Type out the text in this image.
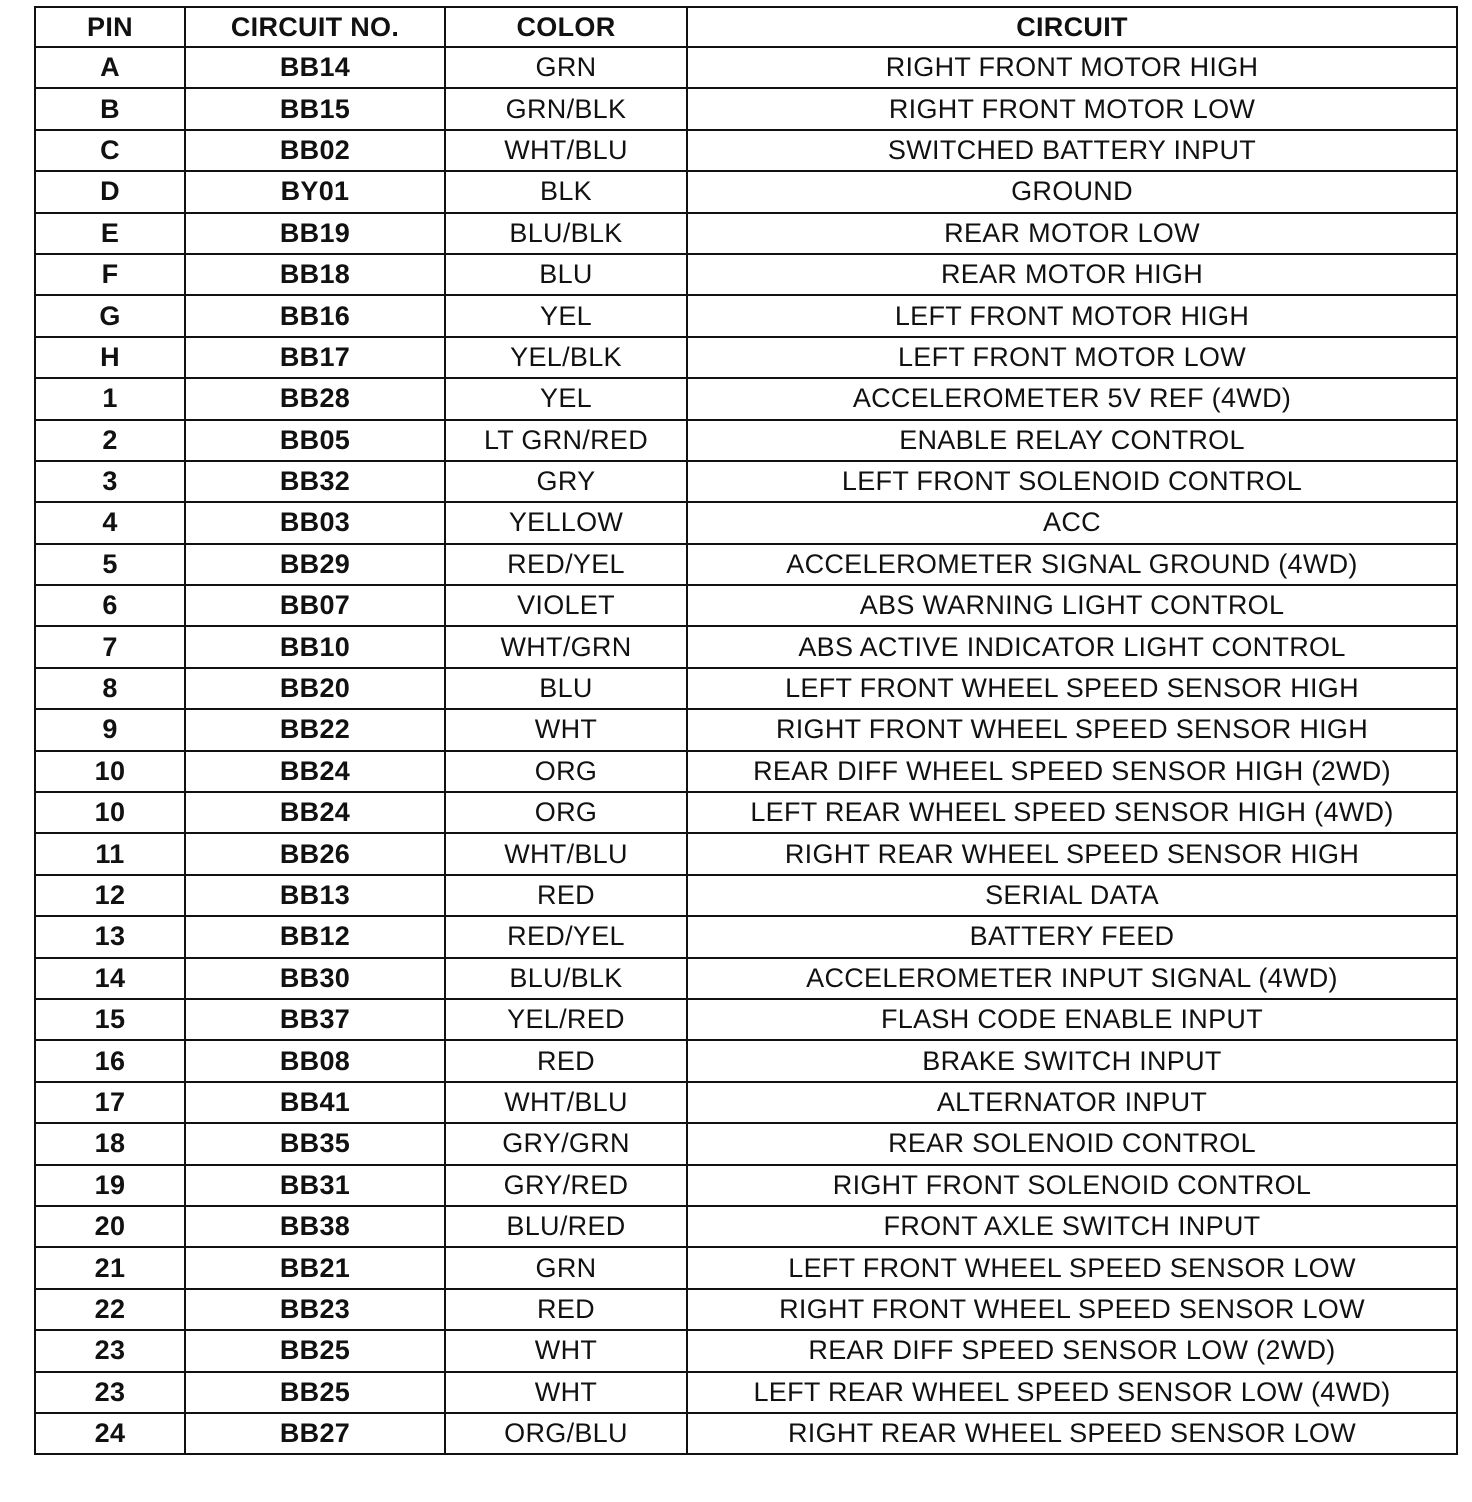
PIN	CIRCUIT NO.	COLOR	CIRCUIT
A	BB14	GRN	RIGHT FRONT MOTOR HIGH
B	BB15	GRN/BLK	RIGHT FRONT MOTOR LOW
C	BB02	WHT/BLU	SWITCHED BATTERY INPUT
D	BY01	BLK	GROUND
E	BB19	BLU/BLK	REAR MOTOR LOW
F	BB18	BLU	REAR MOTOR HIGH
G	BB16	YEL	LEFT FRONT MOTOR HIGH
H	BB17	YEL/BLK	LEFT FRONT MOTOR LOW
1	BB28	YEL	ACCELEROMETER 5V REF (4WD)
2	BB05	LT GRN/RED	ENABLE RELAY CONTROL
3	BB32	GRY	LEFT FRONT SOLENOID CONTROL
4	BB03	YELLOW	ACC
5	BB29	RED/YEL	ACCELEROMETER SIGNAL GROUND (4WD)
6	BB07	VIOLET	ABS WARNING LIGHT CONTROL
7	BB10	WHT/GRN	ABS ACTIVE INDICATOR LIGHT CONTROL
8	BB20	BLU	LEFT FRONT WHEEL SPEED SENSOR HIGH
9	BB22	WHT	RIGHT FRONT WHEEL SPEED SENSOR HIGH
10	BB24	ORG	REAR DIFF WHEEL SPEED SENSOR HIGH (2WD)
10	BB24	ORG	LEFT REAR WHEEL SPEED SENSOR HIGH (4WD)
11	BB26	WHT/BLU	RIGHT REAR WHEEL SPEED SENSOR HIGH
12	BB13	RED	SERIAL DATA
13	BB12	RED/YEL	BATTERY FEED
14	BB30	BLU/BLK	ACCELEROMETER INPUT SIGNAL (4WD)
15	BB37	YEL/RED	FLASH CODE ENABLE INPUT
16	BB08	RED	BRAKE SWITCH INPUT
17	BB41	WHT/BLU	ALTERNATOR INPUT
18	BB35	GRY/GRN	REAR SOLENOID CONTROL
19	BB31	GRY/RED	RIGHT FRONT SOLENOID CONTROL
20	BB38	BLU/RED	FRONT AXLE SWITCH INPUT
21	BB21	GRN	LEFT FRONT WHEEL SPEED SENSOR LOW
22	BB23	RED	RIGHT FRONT WHEEL SPEED SENSOR LOW
23	BB25	WHT	REAR DIFF SPEED SENSOR LOW (2WD)
23	BB25	WHT	LEFT REAR WHEEL SPEED SENSOR LOW (4WD)
24	BB27	ORG/BLU	RIGHT REAR WHEEL SPEED SENSOR LOW
